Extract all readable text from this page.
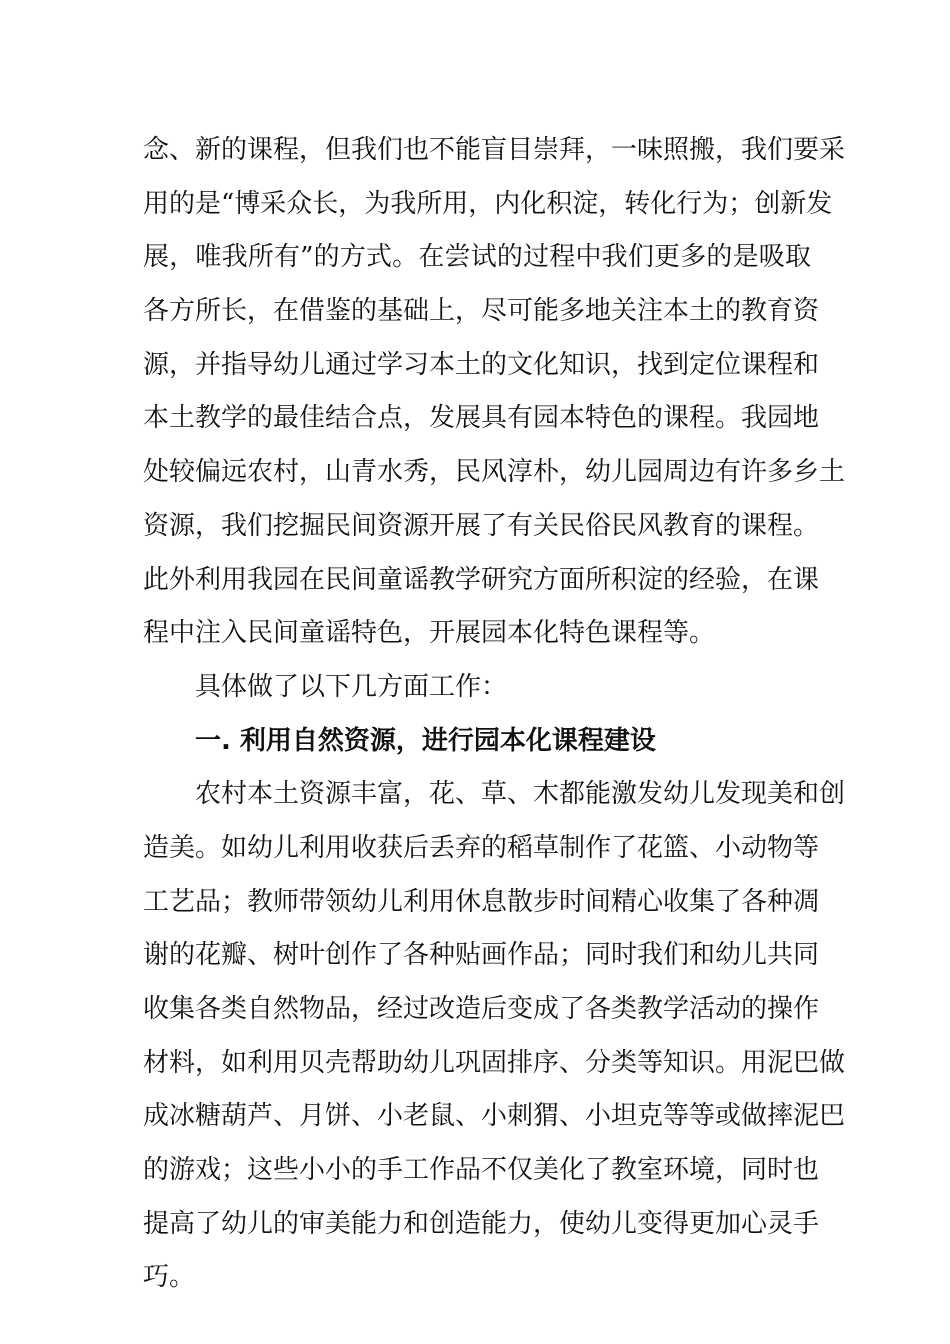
念、新的课程，但我们也不能盲目崇拜，一味照搬，我们要采
用的是“博采众长，为我所用，内化积淀，转化行为；创新发
展，唯我所有”的方式。在尝试的过程中我们更多的是吸取
各方所长，在借鉴的基础上，尽可能多地关注本土的教育资
源，并指导幼儿通过学习本土的文化知识，找到定位课程和
本土教学的最佳结合点，发展具有园本特色的课程。我园地
处较偏远农村，山青水秀，民风淳朴，幼儿园周边有许多乡土
资源，我们挖掘民间资源开展了有关民俗民风教育的课程。
此外利用我园在民间童谣教学研究方面所积淀的经验，在课
程中注入民间童谣特色，开展园本化特色课程等。
具体做了以下几方面工作：
一. 利用自然资源，进行园本化课程建设
农村本土资源丰富，花、草、木都能激发幼儿发现美和创
造美。如幼儿利用收获后丢弃的稻草制作了花篮、小动物等
工艺品；教师带领幼儿利用休息散步时间精心收集了各种凋
谢的花瓣、树叶创作了各种贴画作品；同时我们和幼儿共同
收集各类自然物品，经过改造后变成了各类教学活动的操作
材料，如利用贝壳帮助幼儿巩固排序、分类等知识。用泥巴做
成冰糖葫芦、月饼、小老鼠、小刺猬、小坦克等等或做摔泥巴
的游戏；这些小小的手工作品不仅美化了教室环境，同时也
提高了幼儿的审美能力和创造能力，使幼儿变得更加心灵手
巧。
